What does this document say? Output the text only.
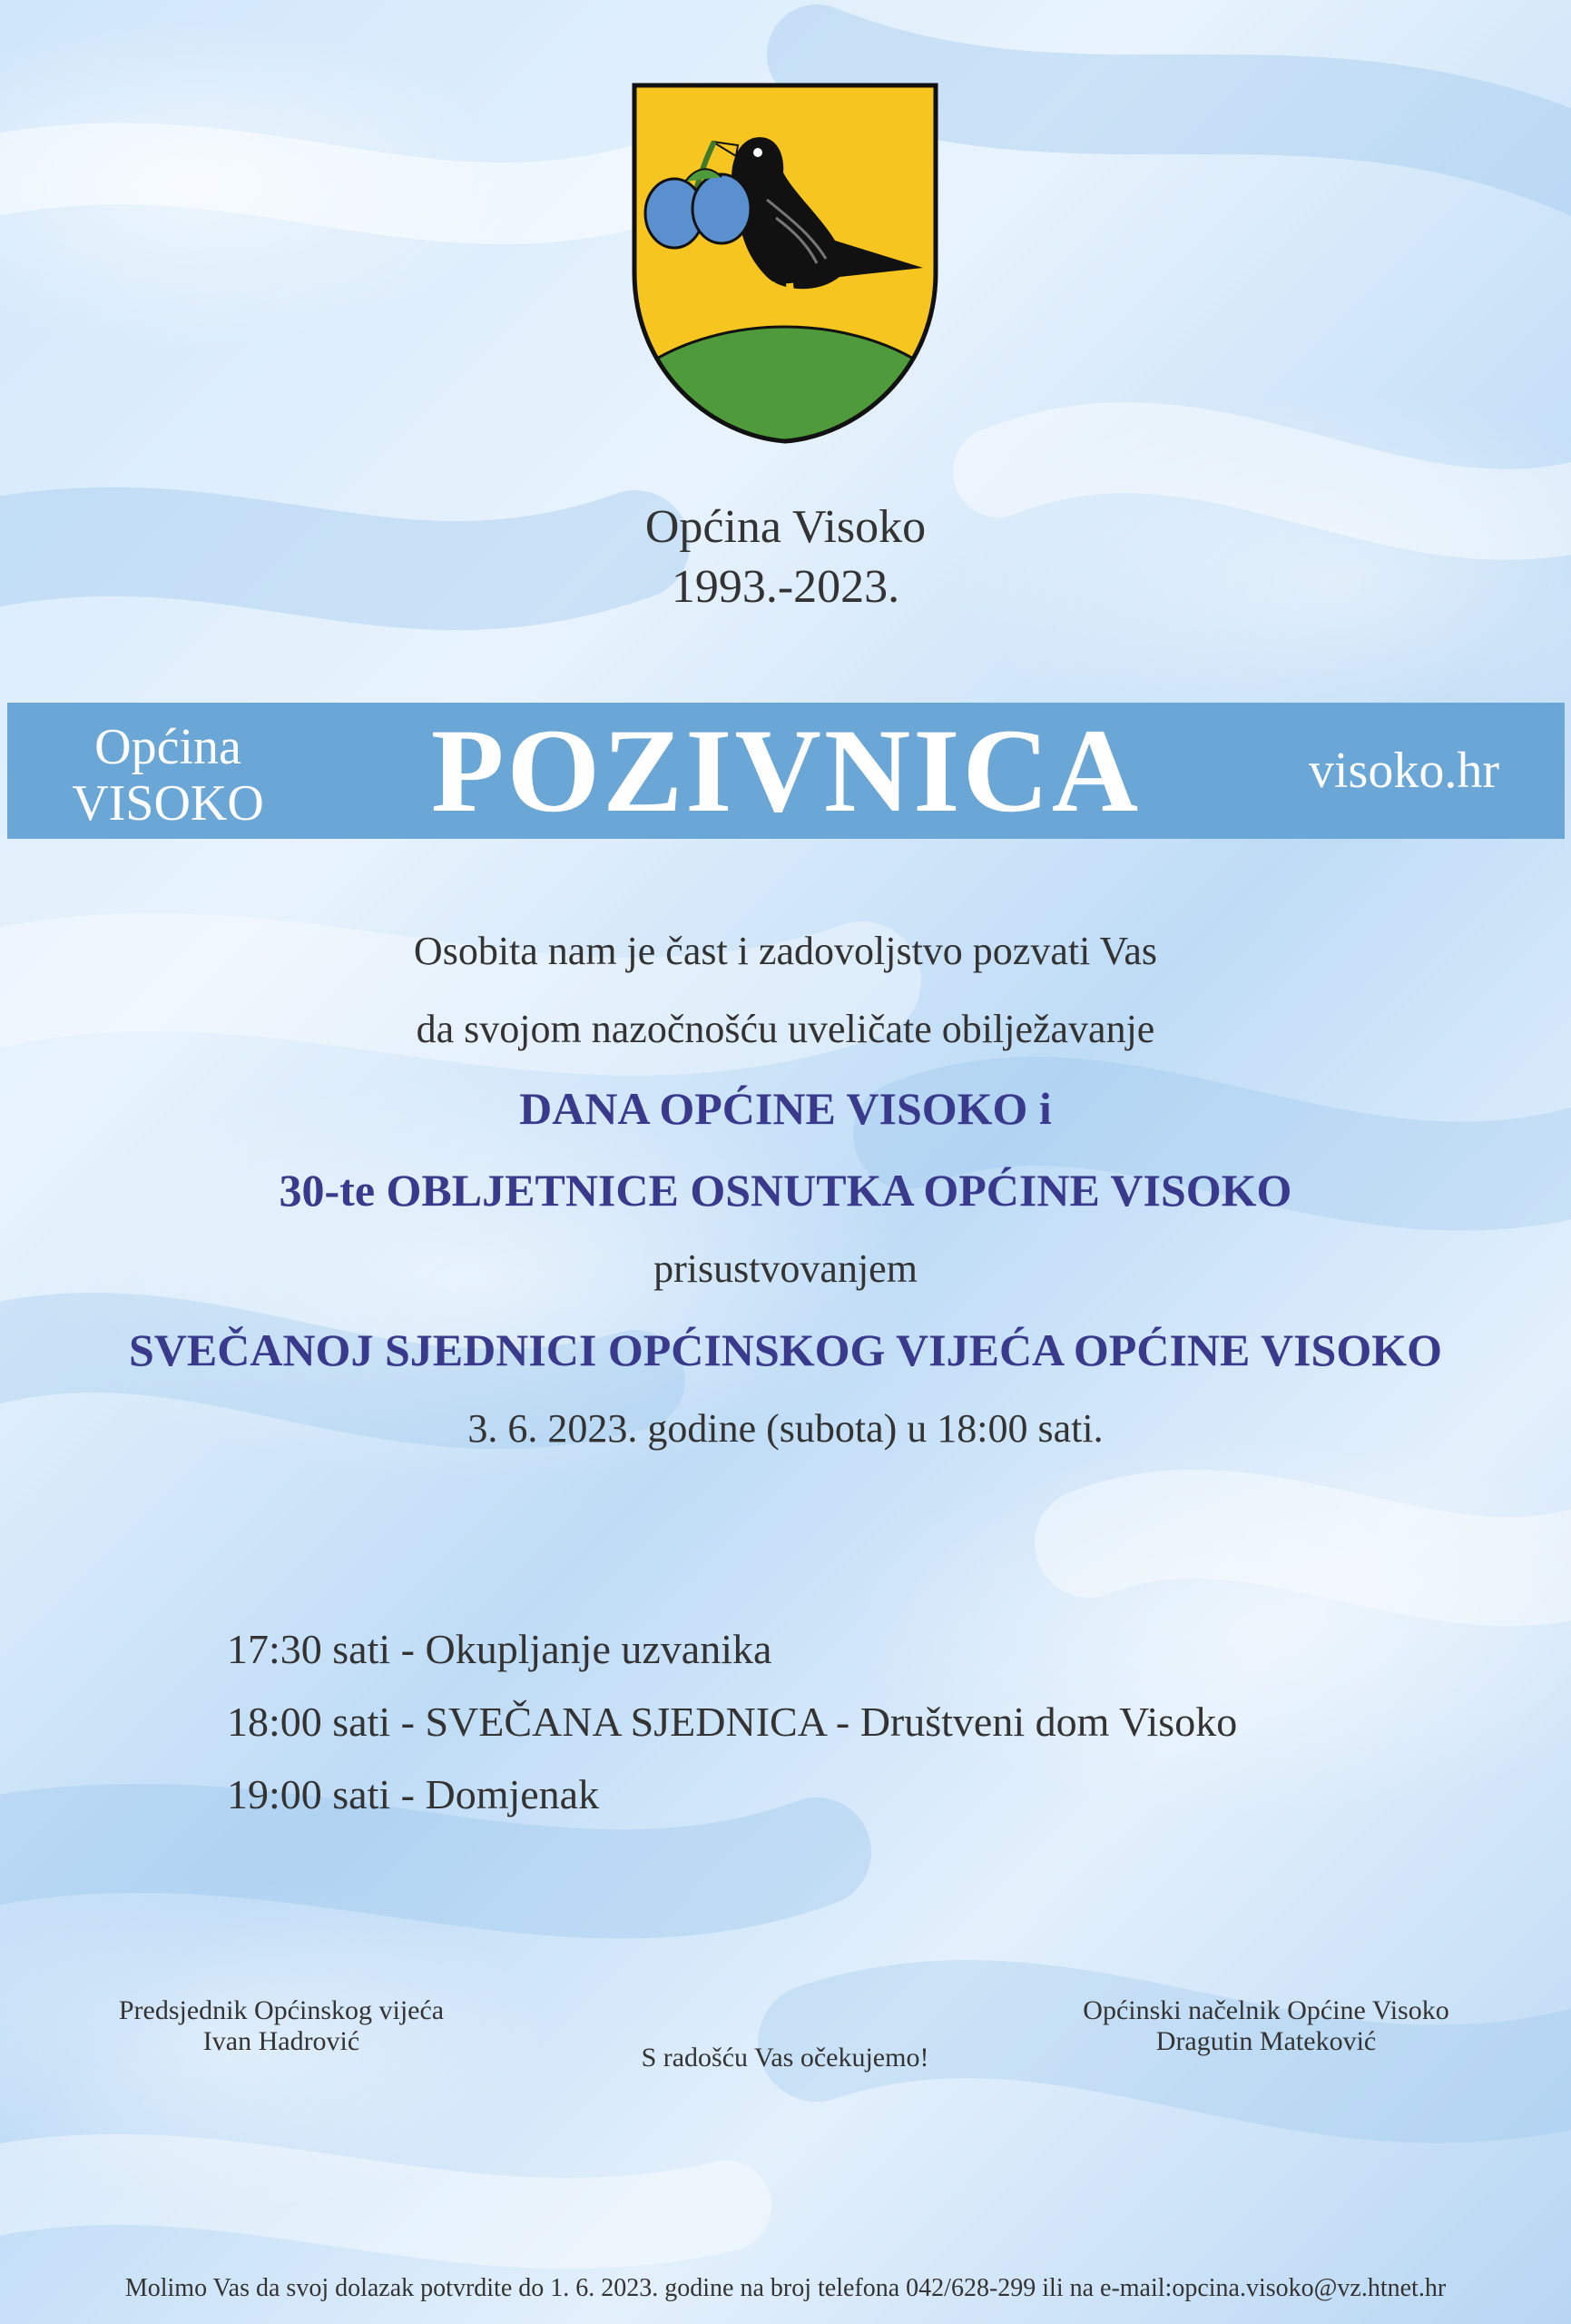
Općina Visoko
1993.-2023.
POZIVNICA
Općina
VISOKO
visoko.hr
Osobita nam je čast i zadovoljstvo pozvati Vas
da svojom nazočnošću uveličate obilježavanje
DANA OPĆINE VISOKO i
30-te OBLJETNICE OSNUTKA OPĆINE VISOKO
prisustvovanjem
SVEČANOJ SJEDNICI OPĆINSKOG VIJEĆA OPĆINE VISOKO
3. 6. 2023. godine (subota) u 18:00 sati.
17:30 sati - Okupljanje uzvanika
18:00 sati - SVEČANA SJEDNICA - Društveni dom Visoko
19:00 sati - Domjenak
Predsjednik Općinskog vijeća
Ivan Hadrović
S radošću Vas očekujemo!
Općinski načelnik Općine Visoko
Dragutin Mateković
Molimo Vas da svoj dolazak potvrdite do 1. 6. 2023. godine na broj telefona 042/628-299 ili na e-mail:opcina.visoko@vz.htnet.hr
